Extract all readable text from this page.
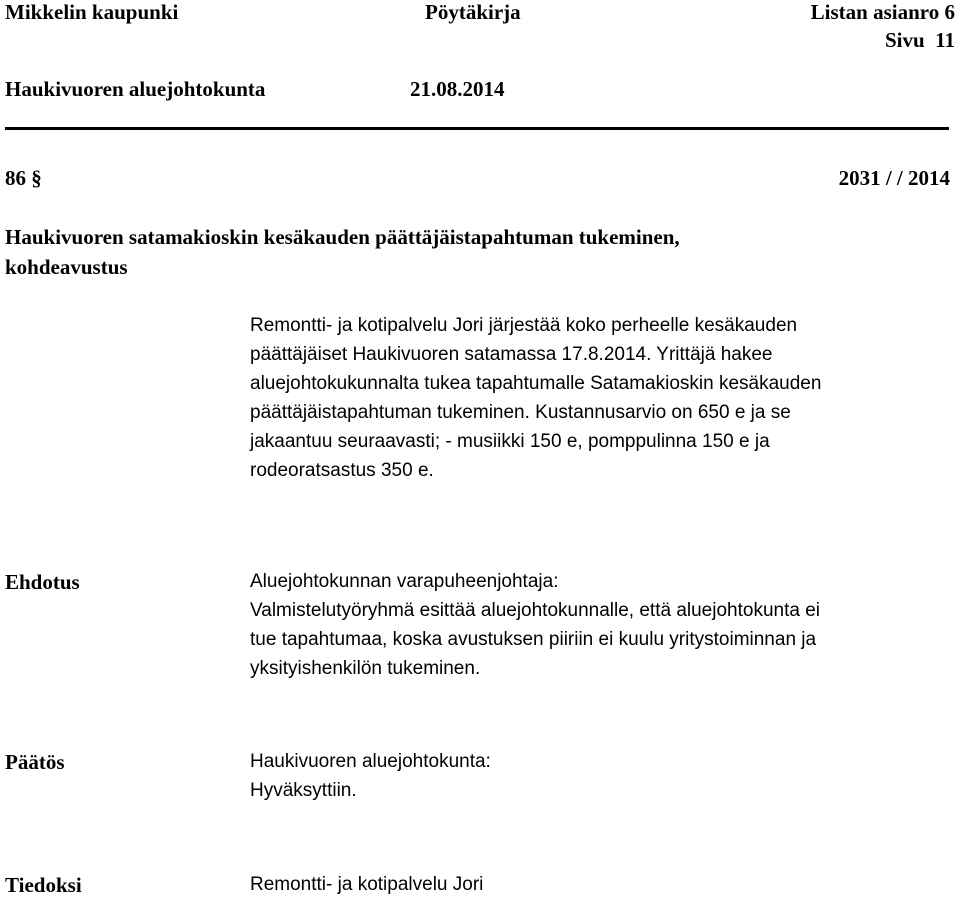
Mikkelin kaupunki	Pöytäkirja	Listan asianro 6
Sivu  11
Haukivuoren aluejohtokunta	21.08.2014
86 §	2031 / / 2014
Haukivuoren satamakioskin kesäkauden päättäjäistapahtuman tukeminen,
kohdeavustus
Remontti- ja kotipalvelu Jori järjestää koko perheelle kesäkauden
päättäjäiset Haukivuoren satamassa 17.8.2014. Yrittäjä hakee
aluejohtokukunnalta tukea tapahtumalle Satamakioskin kesäkauden
päättäjäistapahtuman tukeminen. Kustannusarvio on 650 e ja se
jakaantuu seuraavasti; - musiikki 150 e, pomppulinna 150 e ja
rodeoratsastus 350 e.
Ehdotus	Aluejohtokunnan varapuheenjohtaja:
Valmistelutyöryhmä esittää aluejohtokunnalle, että aluejohtokunta ei
tue tapahtumaa, koska avustuksen piiriin ei kuulu yritystoiminnan ja
yksityishenkilön tukeminen.
Päätös	Haukivuoren aluejohtokunta:
Hyväksyttiin.
Tiedoksi	Remontti- ja kotipalvelu Jori
